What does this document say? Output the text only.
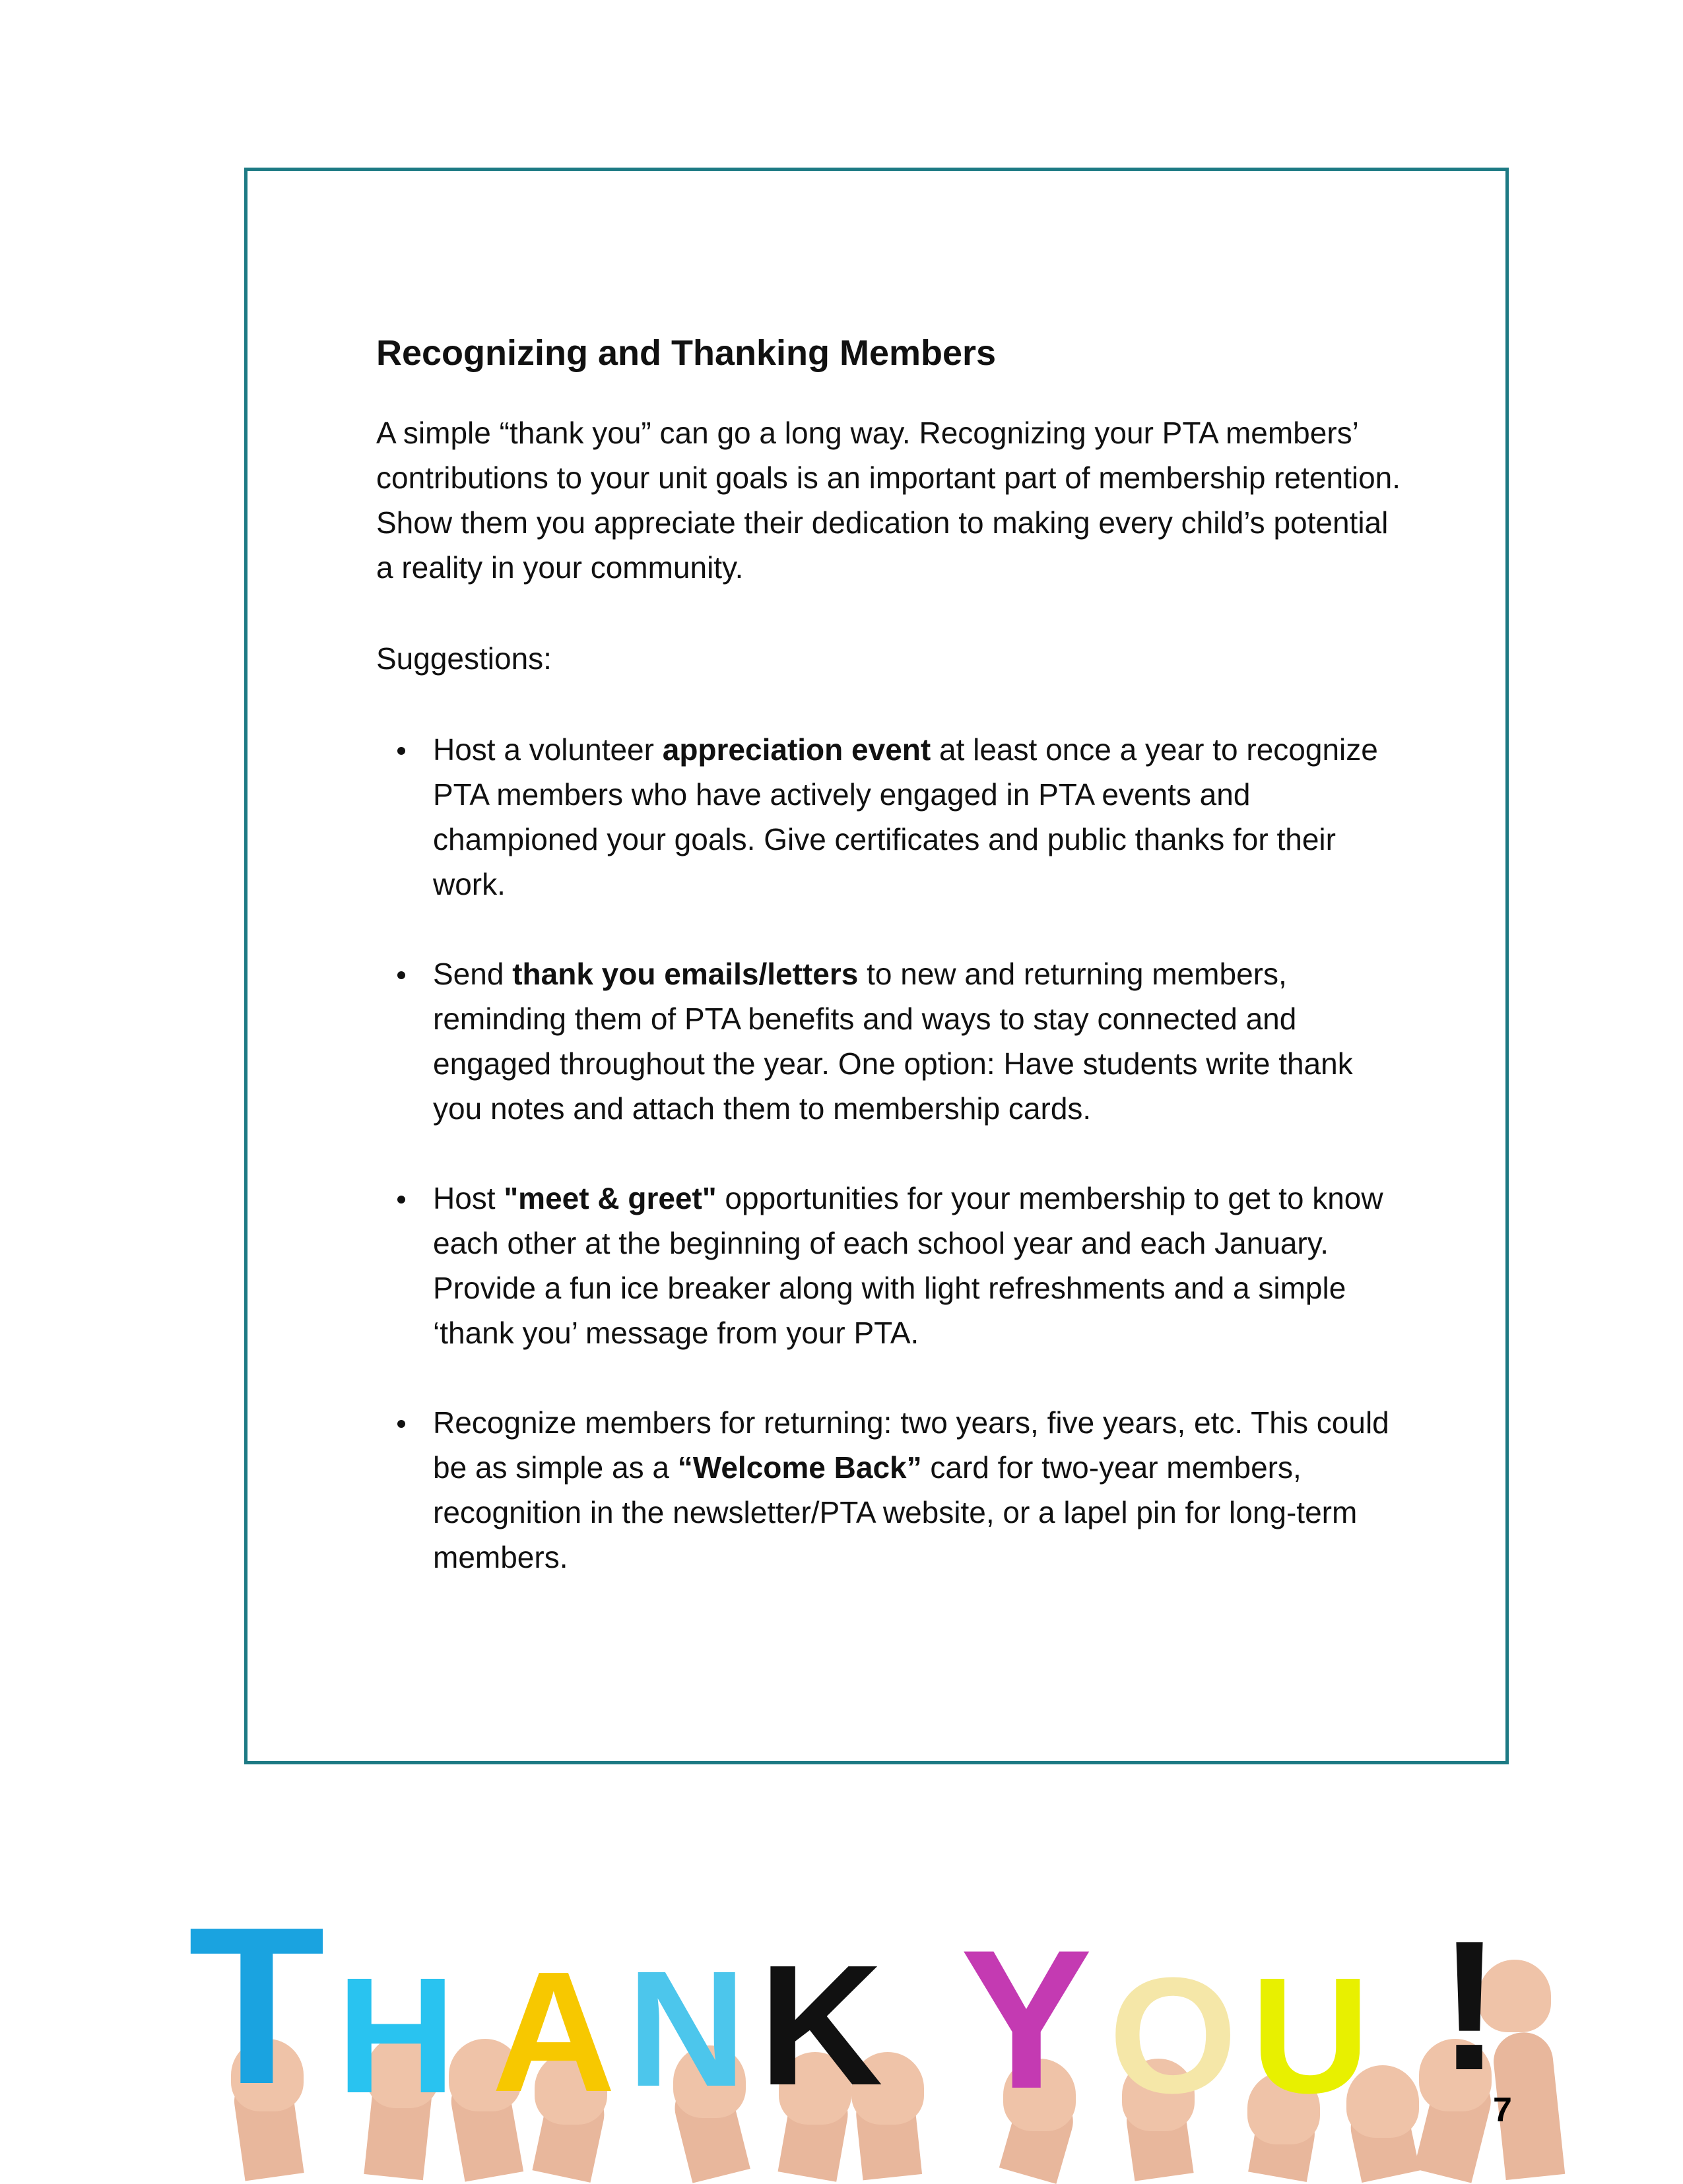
Recognizing and Thanking Members

A simple “thank you” can go a long way. Recognizing your PTA members’ contributions to your unit goals is an important part of membership retention. Show them you appreciate their dedication to making every child’s potential a reality in your community.

Suggestions:

Host a volunteer appreciation event at least once a year to recognize PTA members who have actively engaged in PTA events and championed your goals. Give certificates and public thanks for their work.
Send thank you emails/letters to new and returning members, reminding them of PTA benefits and ways to stay connected and engaged throughout the year. One option: Have students write thank you notes and attach them to membership cards.
Host "meet & greet" opportunities for your membership to get to know each other at the beginning of each school year and each January. Provide a fun ice breaker along with light refreshments and a simple ‘thank you’ message from your PTA.
Recognize members for returning: two years, five years, etc. This could be as simple as a “Welcome Back” card for two-year members, recognition in the newsletter/PTA website, or a lapel pin for long-term members.
T H A N K Y O U !
7
